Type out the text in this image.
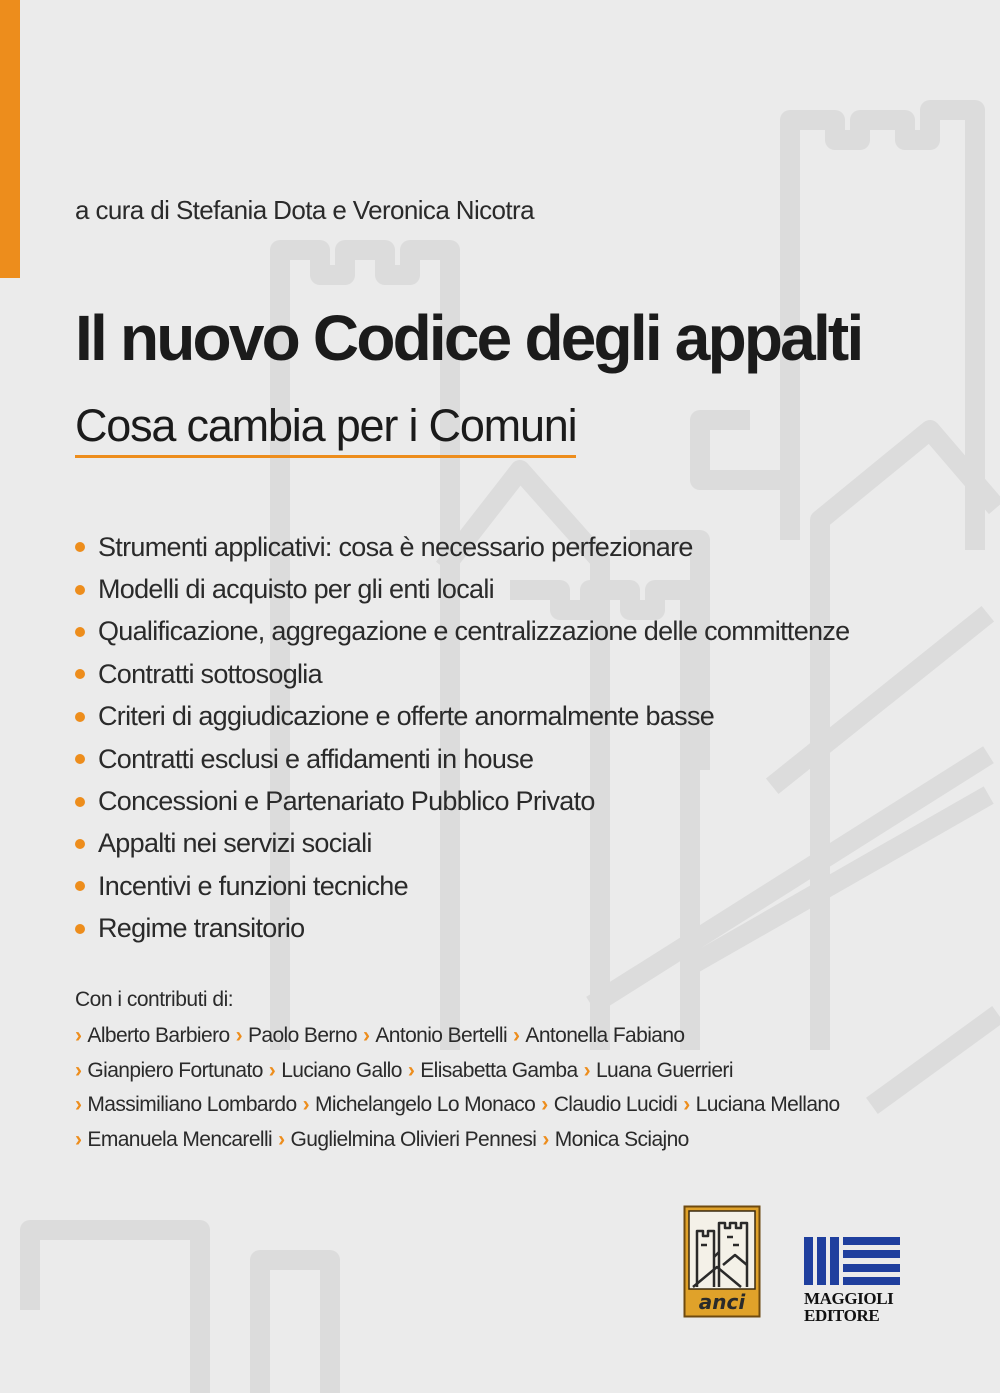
a cura di Stefania Dota e Veronica Nicotra
Il nuovo Codice degli appalti
Cosa cambia per i Comuni
Strumenti applicativi: cosa è necessario perfezionare
Modelli di acquisto per gli enti locali
Qualificazione, aggregazione e centralizzazione delle committenze
Contratti sottosoglia
Criteri di aggiudicazione e offerte anormalmente basse
Contratti esclusi e affidamenti in house
Concessioni e Partenariato Pubblico Privato
Appalti nei servizi sociali
Incentivi e funzioni tecniche
Regime transitorio
Con i contributi di:
› Alberto Barbiero › Paolo Berno › Antonio Bertelli › Antonella Fabiano
› Gianpiero Fortunato › Luciano Gallo › Elisabetta Gamba › Luana Guerrieri
› Massimiliano Lombardo › Michelangelo Lo Monaco › Claudio Lucidi › Luciana Mellano
› Emanuela Mencarelli › Guglielmina Olivieri Pennesi › Monica Sciajno
anci	MAGGIOLI
EDITORE
